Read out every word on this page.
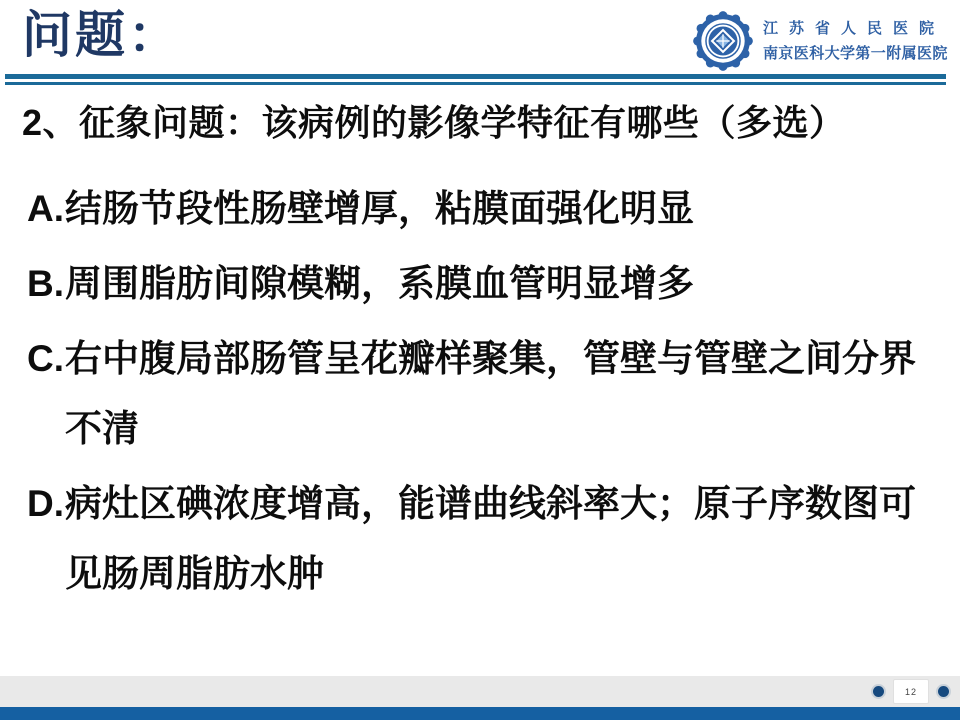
问题：	江苏省人民医院
南京医科大学第一附属医院
2、征象问题：该病例的影像学特征有哪些（多选）
A. 结肠节段性肠壁增厚，粘膜面强化明显
B. 周围脂肪间隙模糊，系膜血管明显增多
C. 右中腹局部肠管呈花瓣样聚集，管壁与管壁之间分界不清
D. 病灶区碘浓度增高，能谱曲线斜率大；原子序数图可见肠周脂肪水肿
12
